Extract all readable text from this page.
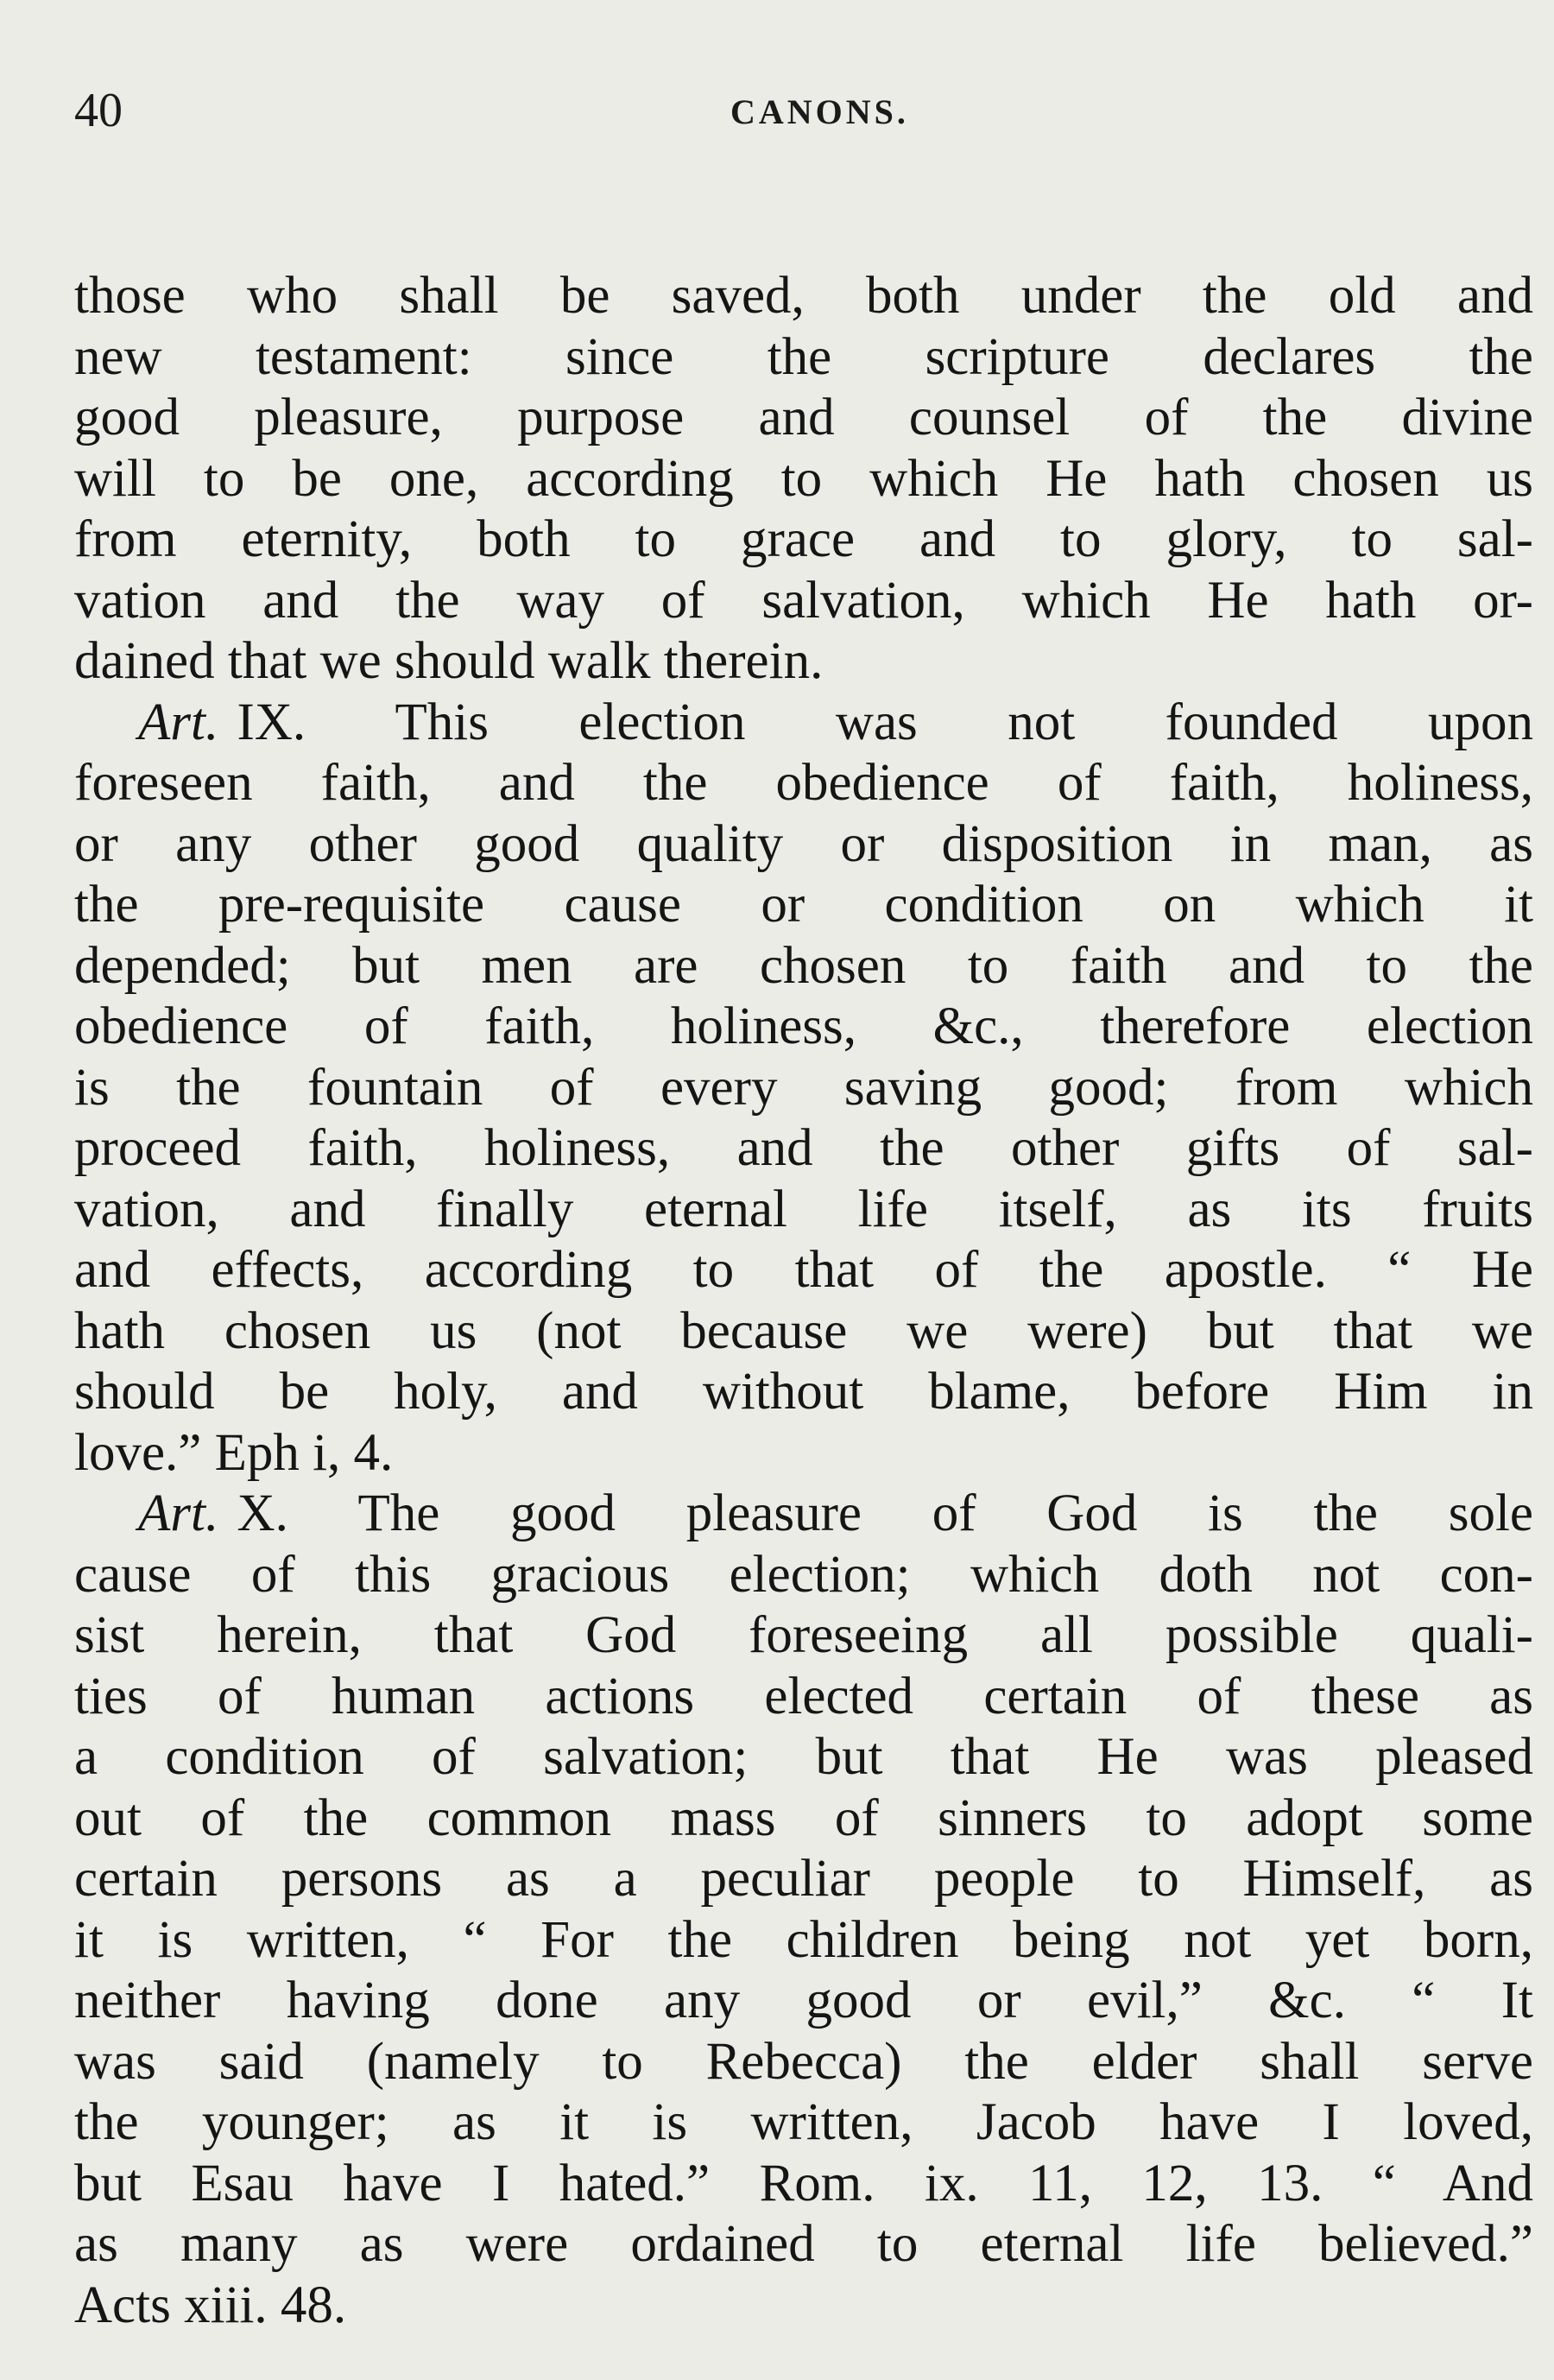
40	CANONS.
those who shall be saved, both under the old and
new testament: since the scripture declares the
good pleasure, purpose and counsel of the divine
will to be one, according to which He hath chosen us
from eternity, both to grace and to glory, to sal-
vation and the way of salvation, which He hath or-
dained that we should walk therein.
Art. IX. This election was not founded upon
foreseen faith, and the obedience of faith, holiness,
or any other good quality or disposition in man, as
the pre-requisite cause or condition on which it
depended; but men are chosen to faith and to the
obedience of faith, holiness, &c., therefore election
is the fountain of every saving good; from which
proceed faith, holiness, and the other gifts of sal-
vation, and finally eternal life itself, as its fruits
and effects, according to that of the apostle. “ He
hath chosen us (not because we were) but that we
should be holy, and without blame, before Him in
love.” Eph i, 4.
Art. X. The good pleasure of God is the sole
cause of this gracious election; which doth not con-
sist herein, that God foreseeing all possible quali-
ties of human actions elected certain of these as
a condition of salvation; but that He was pleased
out of the common mass of sinners to adopt some
certain persons as a peculiar people to Himself, as
it is written, “ For the children being not yet born,
neither having done any good or evil,” &c. “ It
was said (namely to Rebecca) the elder shall serve
the younger; as it is written, Jacob have I loved,
but Esau have I hated.” Rom. ix. 11, 12, 13. “ And
as many as were ordained to eternal life believed.”
Acts xiii. 48.
